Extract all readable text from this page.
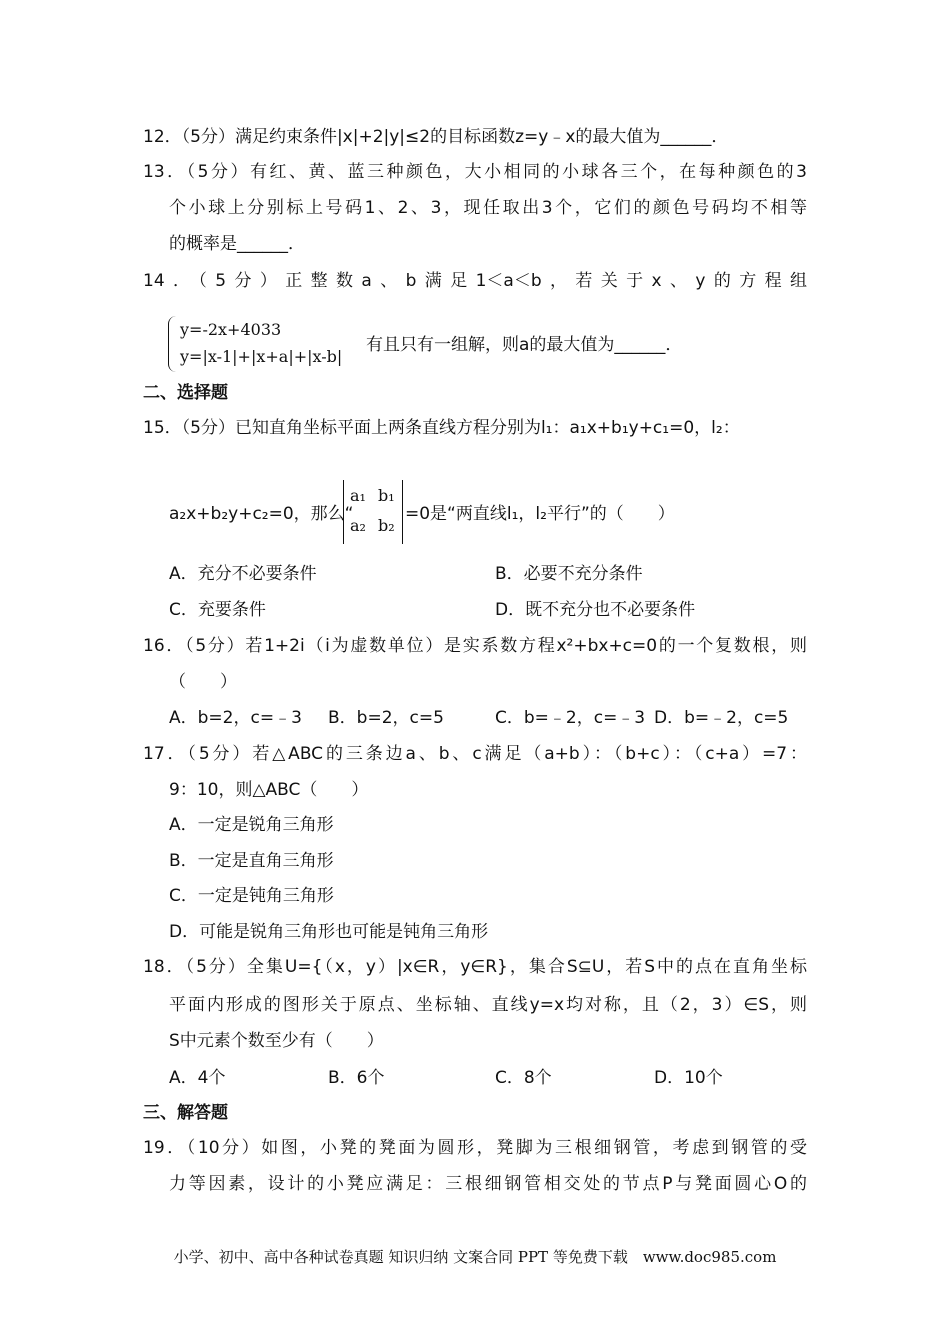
12．（5分）满足约束条件|x|+2|y|≤2的目标函数z=y﹣x的最大值为______．
13．（5分）有红、黄、蓝三种颜色，大小相同的小球各三个，在每种颜色的3
个小球上分别标上号码1、2、3，现任取出3个，它们的颜色号码均不相等
的概率是______．
14．（5分）正整数a、b满足1＜a＜b，若关于x、y的方程组
y=-2x+4033
y=|x-1|+|x+a|+|x-b|
有且只有一组解，则a的最大值为______．
二、选择题
15．（5分）已知直角坐标平面上两条直线方程分别为l₁：a₁x+b₁y+c₁=0，l₂：
a₂x+b₂y+c₂=0，那么“
a₁ b₁
a₂ b₂
=0是“两直线l₁，l₂平行”的（　　）
A．充分不必要条件	B．必要不充分条件
C．充要条件	D．既不充分也不必要条件
16．（5分）若1+2i（i为虚数单位）是实系数方程x²+bx+c=0的一个复数根，则
（　　）
A．b=2，c=﹣3 B．b=2，c=5	C．b=﹣2，c=﹣3 D．b=﹣2，c=5
17．（5分）若△ABC的三条边a、b、c满足（a+b）：（b+c）：（c+a）=7：
9：10，则△ABC（　　）
A．一定是锐角三角形
B．一定是直角三角形
C．一定是钝角三角形
D．可能是锐角三角形也可能是钝角三角形
18．（5分）全集U={（x，y）|x∈R，y∈R}，集合S⊆U，若S中的点在直角坐标
平面内形成的图形关于原点、坐标轴、直线y=x均对称，且（2，3）∈S，则
S中元素个数至少有（　　）
A．4个	B．6个	C．8个	D．10个
三、解答题
19．（10分）如图，小凳的凳面为圆形，凳脚为三根细钢管，考虑到钢管的受
力等因素，设计的小凳应满足：三根细钢管相交处的节点P与凳面圆心O的
小学、初中、高中各种试卷真题 知识归纳 文案合同 PPT 等免费下载　www.doc985.com
